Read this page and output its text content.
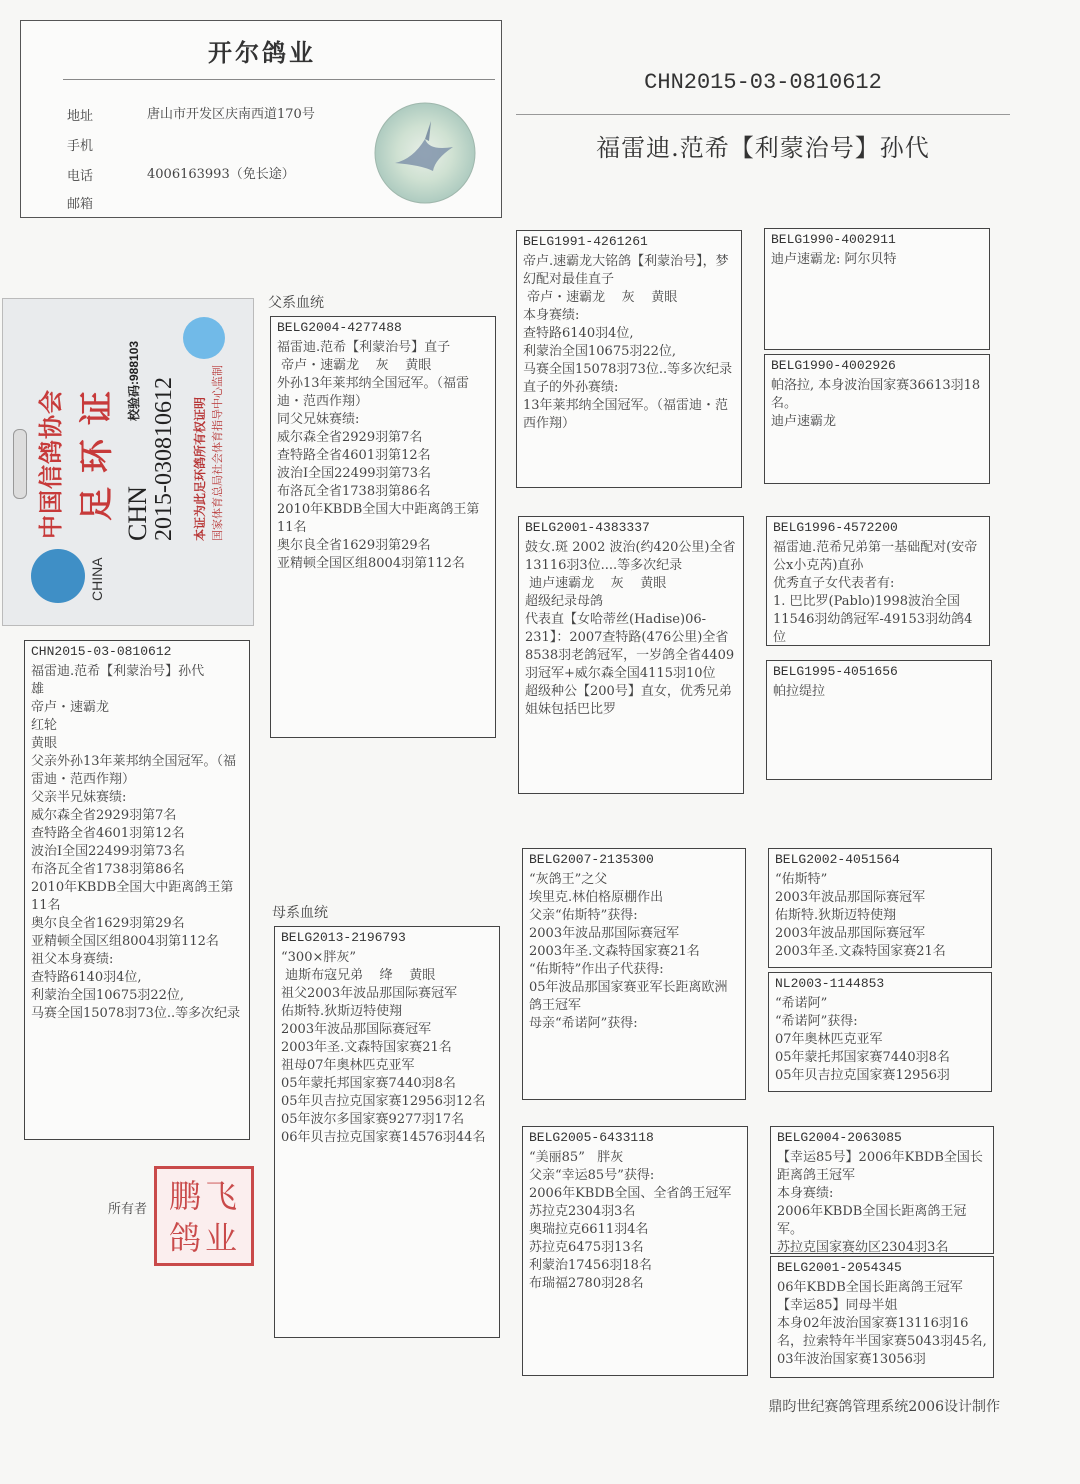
开尔鸽业
地址	唐山市开发区庆南西道170号
手机
电话	4006163993（免长途）
邮箱
CHN2015-03-0810612
福雷迪.范希【利蒙治号】孙代
中国信鸽协会
CHINA
足环证 CHN 2015-030810612
校验码:988103
本证为此足环鸽所有权证明 国家体育总局社会体育指导中心监制
父系血统
母系血统
CHN2015-03-0810612
福雷迪.范希【利蒙治号】孙代
雄
帝卢・速霸龙
红轮
黄眼
父亲外孙13年莱邦纳全国冠军。（福雷迪・范西作翔）
父亲半兄妹赛绩:
威尔森全省2929羽第7名
查特路全省4601羽第12名
波治I全国22499羽第73名
布洛瓦全省1738羽第86名
2010年KBDB全国大中距离鸽王第11名
奥尔良全省1629羽第29名
亚精顿全国区组8004羽第112名
祖父本身赛绩:
查特路6140羽4位,
利蒙治全国10675羽22位,
马赛全国15078羽73位..等多次纪录
BELG2004-4277488
福雷迪.范希【利蒙治号】直子
帝卢・速霸龙    灰    黄眼
外孙13年莱邦纳全国冠军。（福雷迪・范西作翔）
同父兄妹赛绩:
威尔森全省2929羽第7名
查特路全省4601羽第12名
波治I全国22499羽第73名
布洛瓦全省1738羽第86名
2010年KBDB全国大中距离鸽王第11名
奥尔良全省1629羽第29名
亚精顿全国区组8004羽第112名
BELG2013-2196793
“300×胖灰”
迪斯布寇兄弟    绛    黄眼
祖父2003年波品那国际赛冠军
佑斯特.狄斯迈特使翔
2003年波品那国际赛冠军
2003年圣.文森特国家赛21名
祖母07年奥林匹克亚军
05年蒙托邦国家赛7440羽8名
05年贝吉拉克国家赛12956羽12名
05年波尔多国家赛9277羽17名
06年贝吉拉克国家赛14576羽44名
BELG1991-4261261
帝卢.速霸龙大铭鸽【利蒙治号】，梦幻配对最佳直子
帝卢・速霸龙    灰    黄眼
本身赛绩:
查特路6140羽4位,
利蒙治全国10675羽22位,
马赛全国15078羽73位..等多次纪录
直子的外孙赛绩:
13年莱邦纳全国冠军。（福雷迪・范西作翔）
BELG2001-4383337
鼓女.斑 2002 波治(约420公里)全省13116羽3位....等多次纪录
迪卢速霸龙    灰    黄眼
超级纪录母鸽
代表直【女哈蒂丝(Hadise)06-231】：2007查特路(476公里)全省8538羽老鸽冠军，一岁鸽全省4409羽冠军+威尔森全国4115羽10位
超级种公【200号】直女，优秀兄弟姐妹包括巴比罗
BELG2007-2135300
“灰鸽王”之父
埃里克.林伯格原棚作出
父亲“佑斯特”获得:
2003年波品那国际赛冠军
2003年圣.文森特国家赛21名
“佑斯特”作出子代获得:
05年波品那国家赛亚军长距离欧洲鸽王冠军
母亲“希诺阿”获得:
BELG2005-6433118
“美丽85”   胖灰
父亲“幸运85号”获得:
2006年KBDB全国、全省鸽王冠军
苏拉克2304羽3名
奥瑞拉克6611羽4名
苏拉克6475羽13名
利蒙治17456羽18名
布瑞福2780羽28名
BELG1990-4002911
迪卢速霸龙: 阿尔贝特
BELG1990-4002926
帕洛拉, 本身波治国家赛36613羽18名。
迪卢速霸龙
BELG1996-4572200
福雷迪.范希兄弟第一基础配对(安帝公x小克芮)直孙
优秀直子女代表者有:
1. 巴比罗(Pablo)1998波治全国11546羽幼鸽冠军-49153羽幼鸽4位
BELG1995-4051656
帕拉缇拉
BELG2002-4051564
“佑斯特”
2003年波品那国际赛冠军
佑斯特.狄斯迈特使翔
2003年波品那国际赛冠军
2003年圣.文森特国家赛21名
NL2003-1144853
“希诺阿”
“希诺阿”获得:
07年奥林匹克亚军
05年蒙托邦国家赛7440羽8名
05年贝吉拉克国家赛12956羽
BELG2004-2063085
【幸运85号】2006年KBDB全国长距离鸽王冠军
本身赛绩:
2006年KBDB全国长距离鸽王冠军。
苏拉克国家赛幼区2304羽3名
BELG2001-2054345
06年KBDB全国长距离鸽王冠军
【幸运85】同母半姐
本身02年波治国家赛13116羽16名，拉索特年半国家赛5043羽45名,
03年波治国家赛13056羽
所有者 鹏飞鸽业
鼎昀世纪赛鸽管理系统2006设计制作
